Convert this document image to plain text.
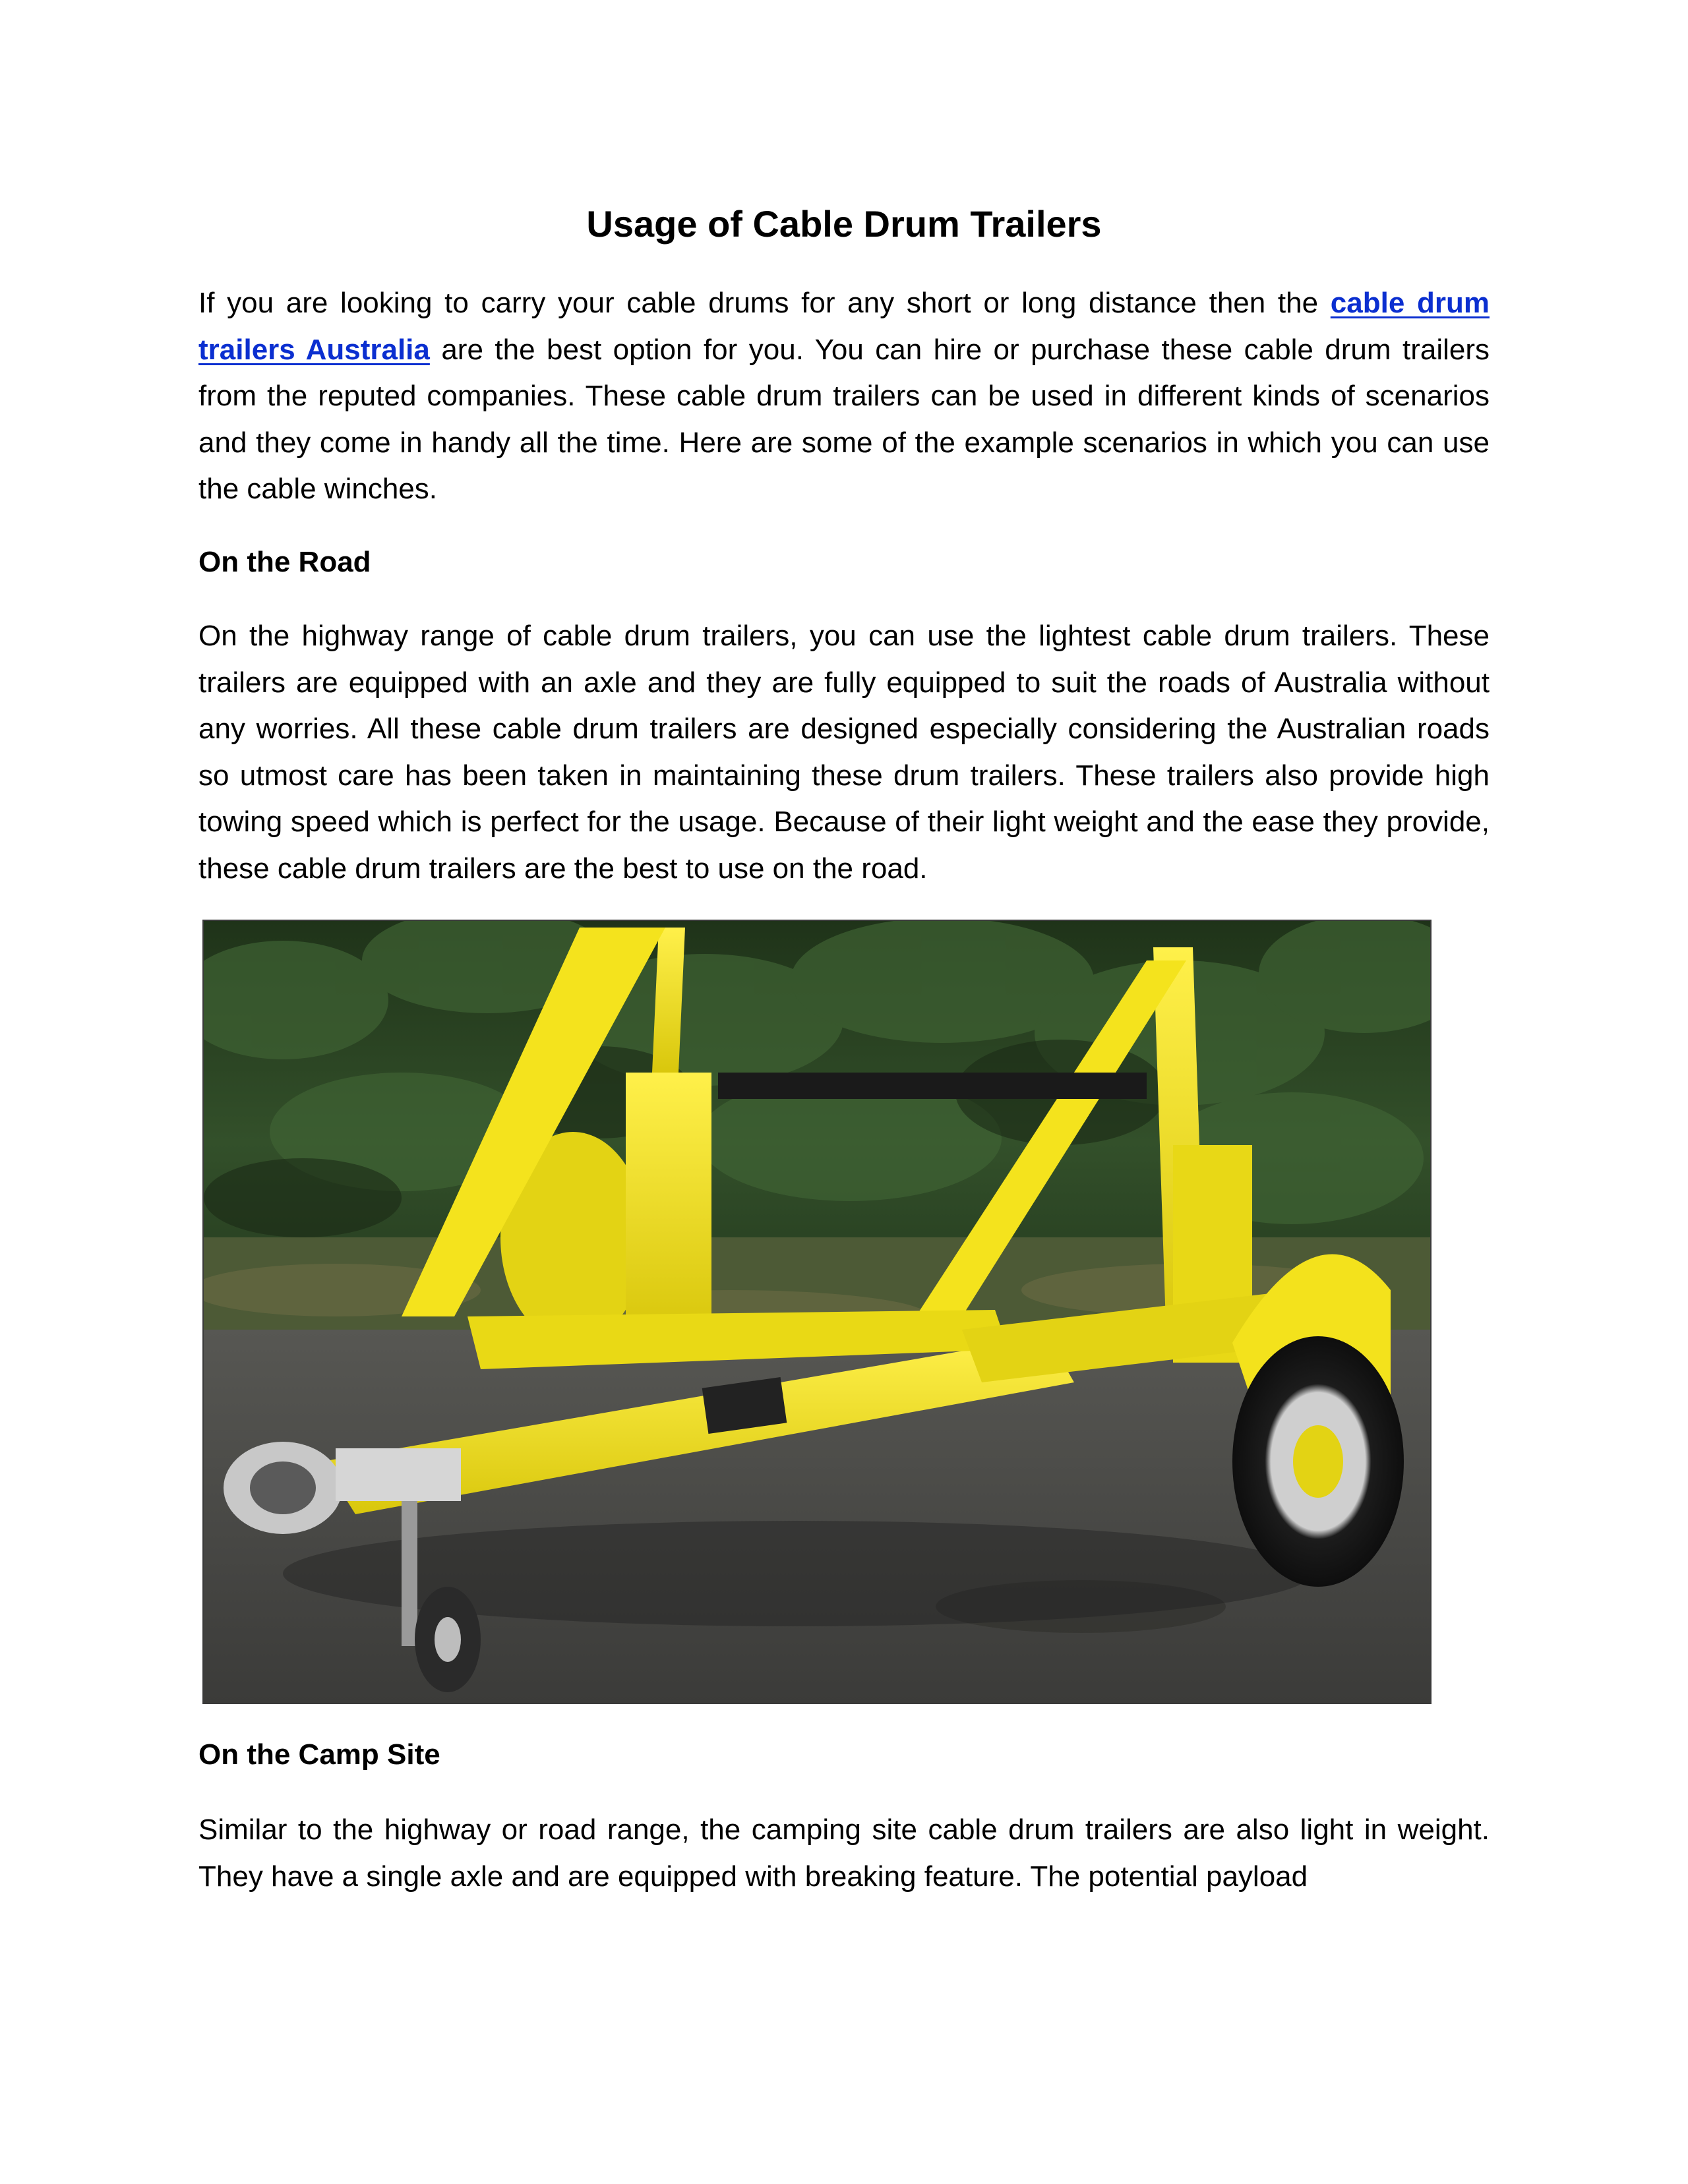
Usage of Cable Drum Trailers

If you are looking to carry your cable drums for any short or long distance then the cable drum trailers Australia are the best option for you. You can hire or purchase these cable drum trailers from the reputed companies. These cable drum trailers can be used in different kinds of scenarios and they come in handy all the time. Here are some of the example scenarios in which you can use the cable winches.

On the Road

On the highway range of cable drum trailers, you can use the lightest cable drum trailers. These trailers are equipped with an axle and they are fully equipped to suit the roads of Australia without any worries. All these cable drum trailers are designed especially considering the Australian roads so utmost care has been taken in maintaining these drum trailers. These trailers also provide high towing speed which is perfect for the usage. Because of their light weight and the ease they provide, these cable drum trailers are the best to use on the road.

On the Camp Site

Similar to the highway or road range, the camping site cable drum trailers are also light in weight. They have a single axle and are equipped with breaking feature. The potential payload
